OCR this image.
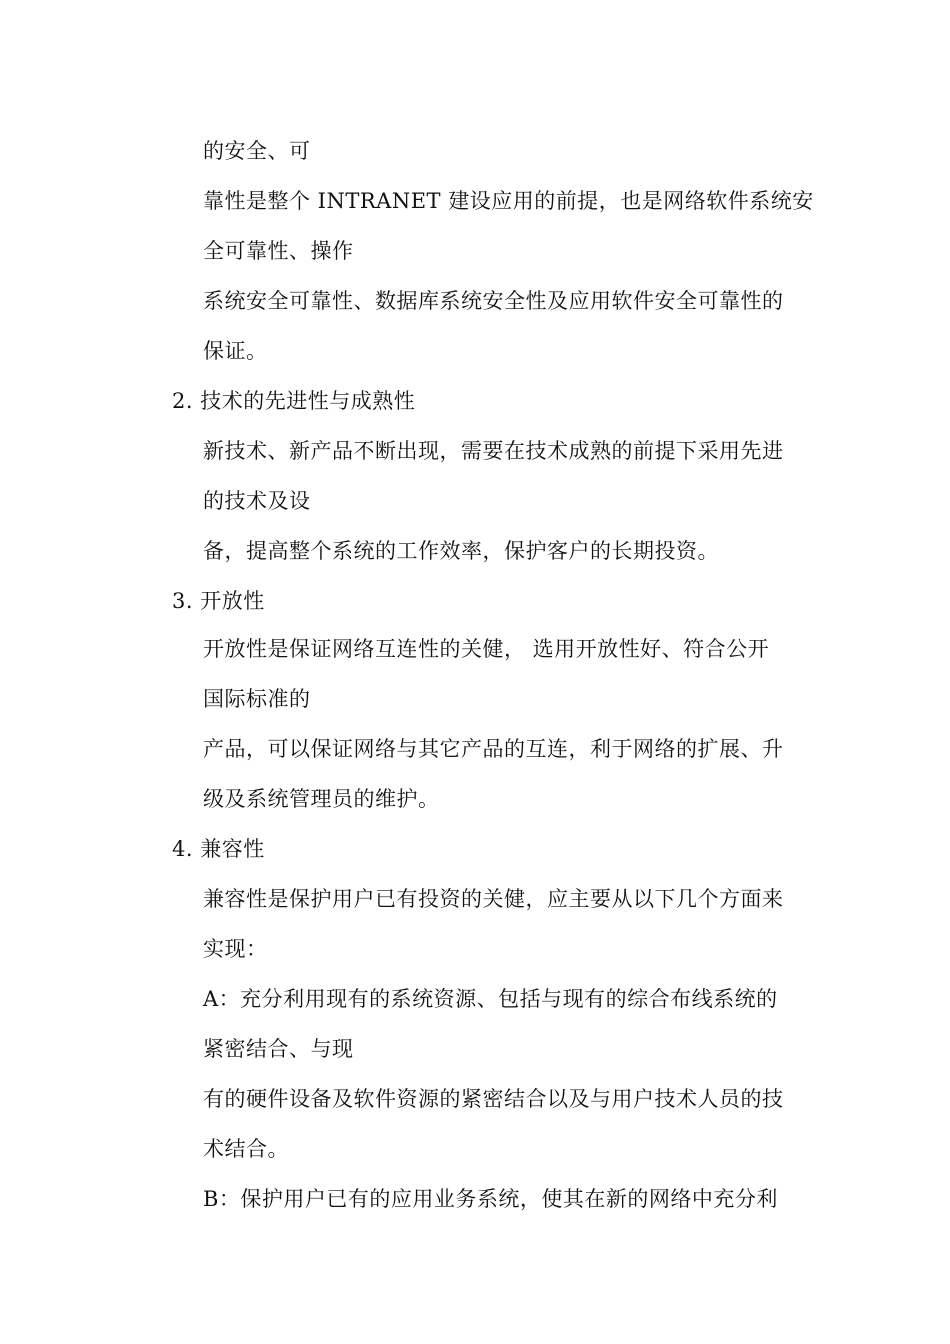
的安全、可
靠性是整个 INTRANET 建设应用的前提，也是网络软件系统安
全可靠性、操作
系统安全可靠性、数据库系统安全性及应用软件安全可靠性的
保证。
2. 技术的先进性与成熟性
新技术、新产品不断出现，需要在技术成熟的前提下采用先进
的技术及设
备，提高整个系统的工作效率，保护客户的长期投资。
3. 开放性
开放性是保证网络互连性的关健， 选用开放性好、符合公开
国际标准的
产品，可以保证网络与其它产品的互连，利于网络的扩展、升
级及系统管理员的维护。
4. 兼容性
兼容性是保护用户已有投资的关健，应主要从以下几个方面来
实现：
A：充分利用现有的系统资源、包括与现有的综合布线系统的
紧密结合、与现
有的硬件设备及软件资源的紧密结合以及与用户技术人员的技
术结合。
B：保护用户已有的应用业务系统，使其在新的网络中充分利
